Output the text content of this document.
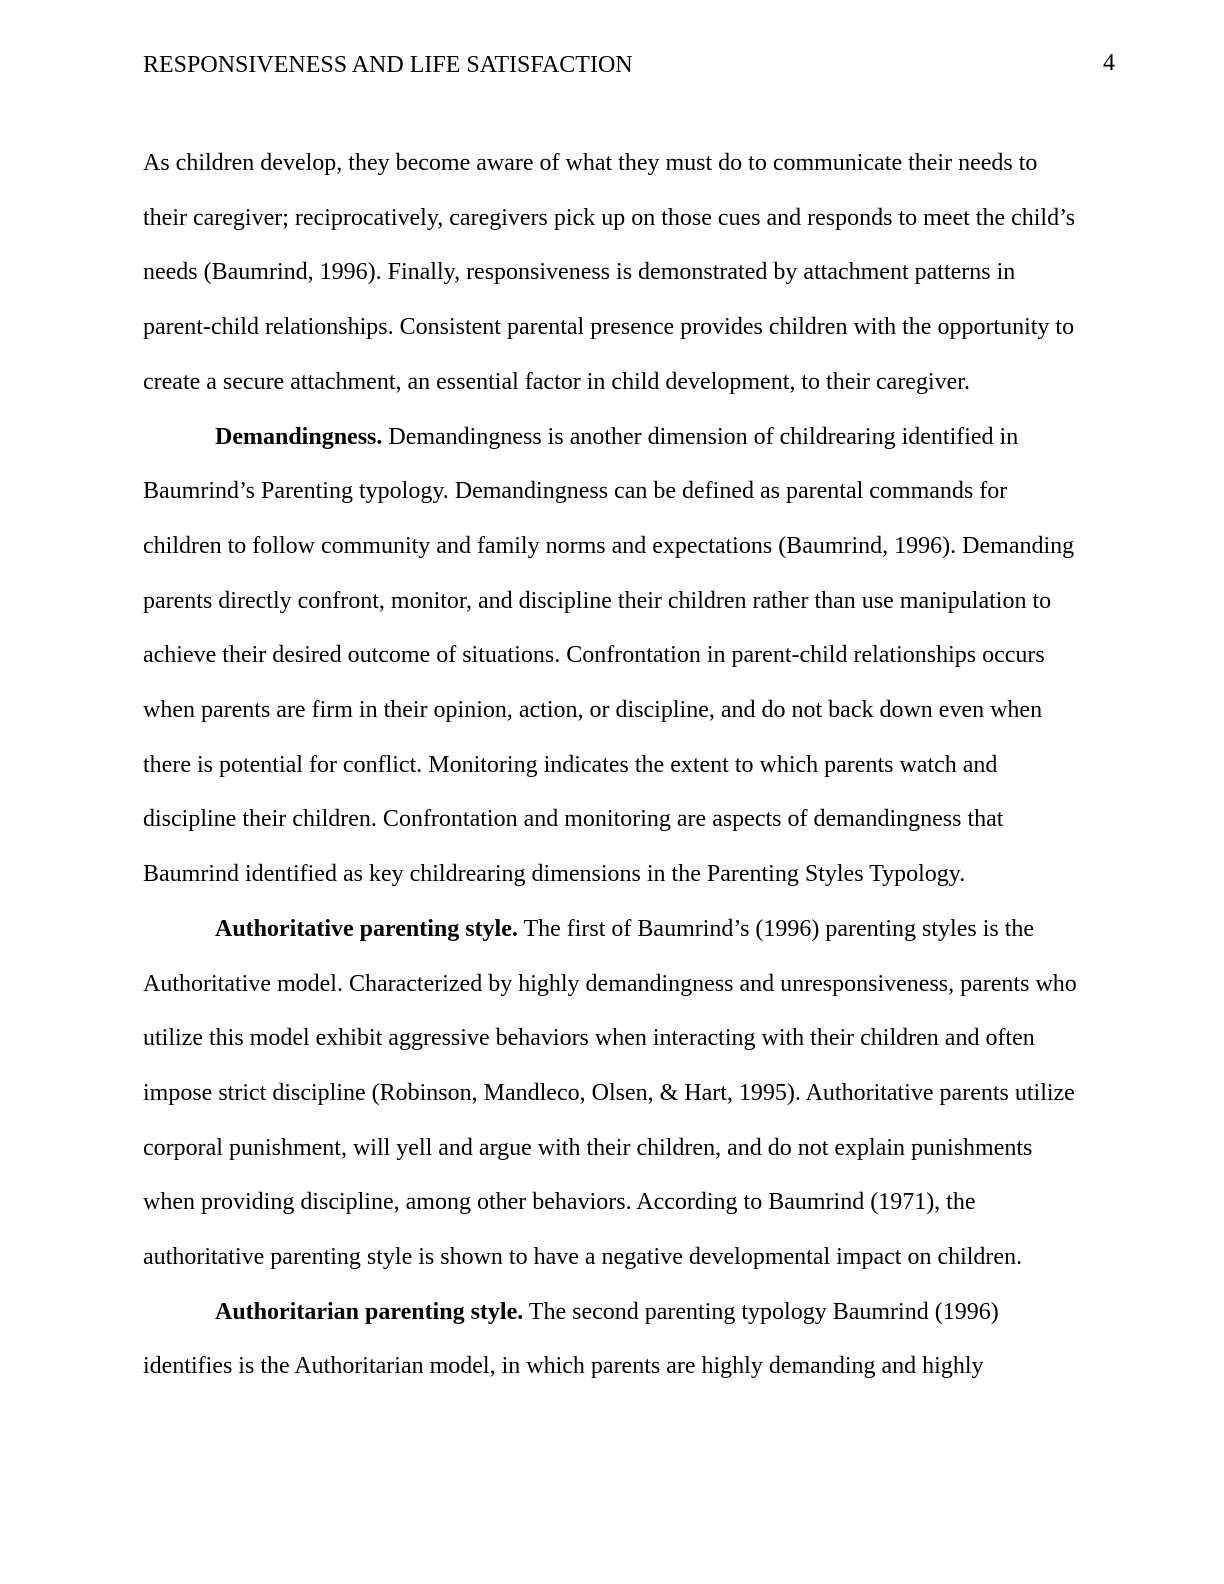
RESPONSIVENESS AND LIFE SATISFACTION	4

As children develop, they become aware of what they must do to communicate their needs to
their caregiver; reciprocatively, caregivers pick up on those cues and responds to meet the child’s
needs (Baumrind, 1996). Finally, responsiveness is demonstrated by attachment patterns in
parent-child relationships. Consistent parental presence provides children with the opportunity to
create a secure attachment, an essential factor in child development, to their caregiver.

Demandingness. Demandingness is another dimension of childrearing identified in
Baumrind’s Parenting typology. Demandingness can be defined as parental commands for
children to follow community and family norms and expectations (Baumrind, 1996). Demanding
parents directly confront, monitor, and discipline their children rather than use manipulation to
achieve their desired outcome of situations. Confrontation in parent-child relationships occurs
when parents are firm in their opinion, action, or discipline, and do not back down even when
there is potential for conflict. Monitoring indicates the extent to which parents watch and
discipline their children. Confrontation and monitoring are aspects of demandingness that
Baumrind identified as key childrearing dimensions in the Parenting Styles Typology.

Authoritative parenting style. The first of Baumrind’s (1996) parenting styles is the
Authoritative model. Characterized by highly demandingness and unresponsiveness, parents who
utilize this model exhibit aggressive behaviors when interacting with their children and often
impose strict discipline (Robinson, Mandleco, Olsen, & Hart, 1995). Authoritative parents utilize
corporal punishment, will yell and argue with their children, and do not explain punishments
when providing discipline, among other behaviors. According to Baumrind (1971), the
authoritative parenting style is shown to have a negative developmental impact on children.

Authoritarian parenting style. The second parenting typology Baumrind (1996)
identifies is the Authoritarian model, in which parents are highly demanding and highly
